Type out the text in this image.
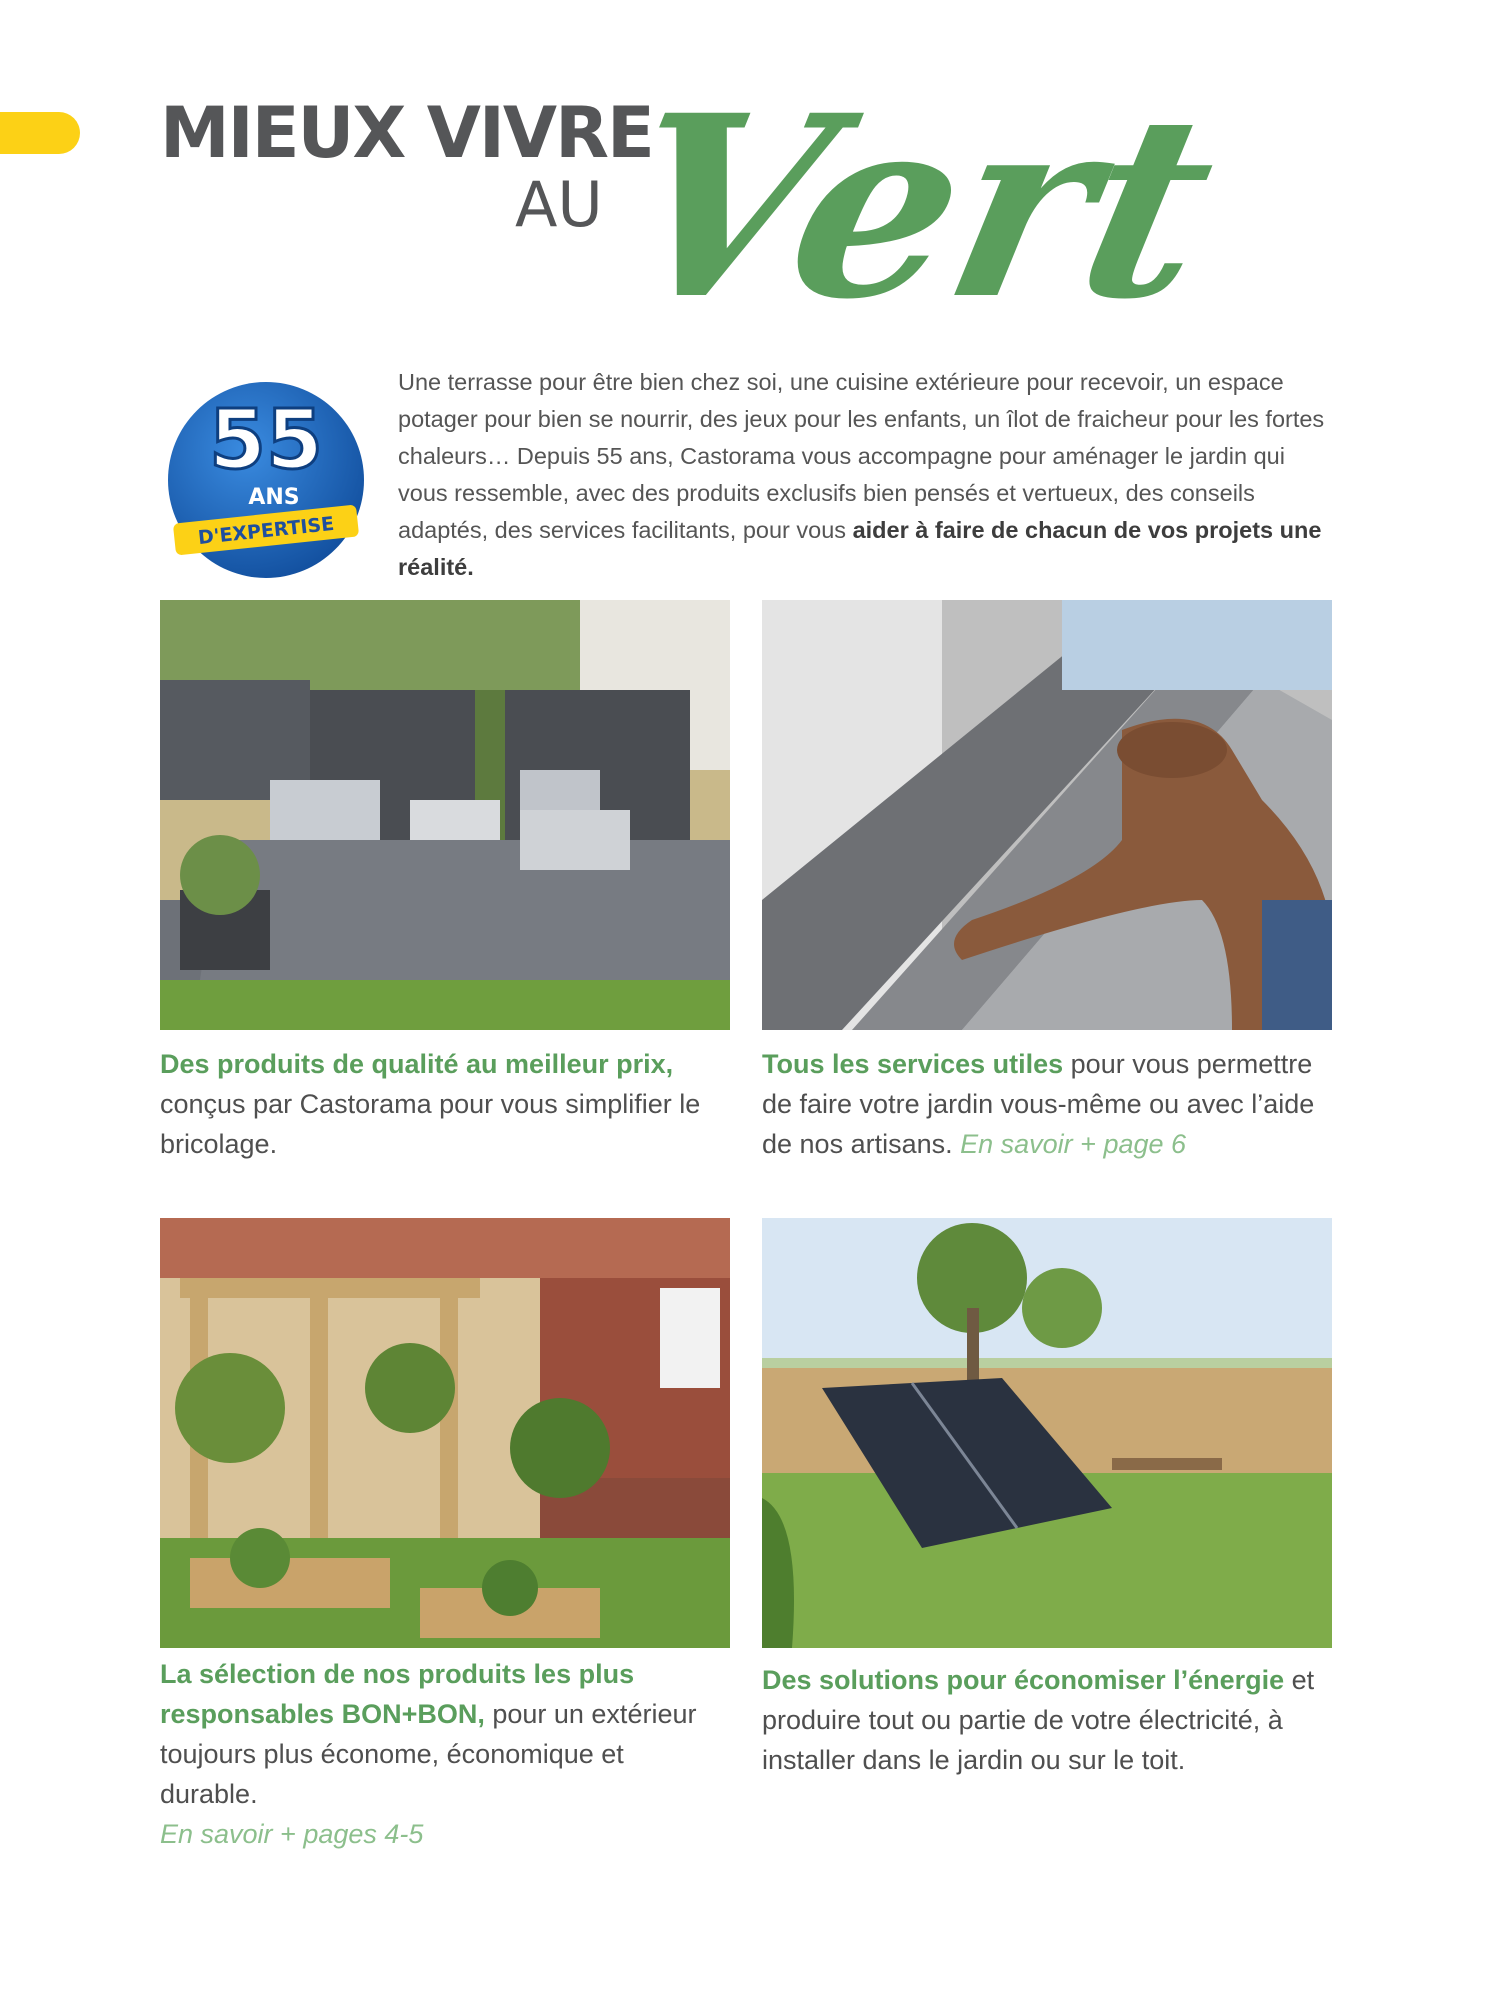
MIEUX VIVRE
AU
Vert
55
ANS
D'EXPERTISE
Une terrasse pour être bien chez soi, une cuisine extérieure pour recevoir, un espace potager pour bien se nourrir, des jeux pour les enfants, un îlot de fraicheur pour les fortes chaleurs… Depuis 55 ans, Castorama vous accompagne pour aménager le jardin qui vous ressemble, avec des produits exclusifs bien pensés et vertueux, des conseils adaptés, des services facilitants, pour vous aider à faire de chacun de vos projets une réalité.
Des produits de qualité au meilleur prix, conçus par Castorama pour vous simplifier le bricolage.
Tous les services utiles pour vous permettre de faire votre jardin vous-même ou avec l’aide de nos artisans. En savoir + page 6
La sélection de nos produits les plus responsables BON+BON, pour un extérieur toujours plus économe, économique et durable.
En savoir + pages 4-5
Des solutions pour économiser l’énergie et produire tout ou partie de votre électricité, à installer dans le jardin ou sur le toit.
